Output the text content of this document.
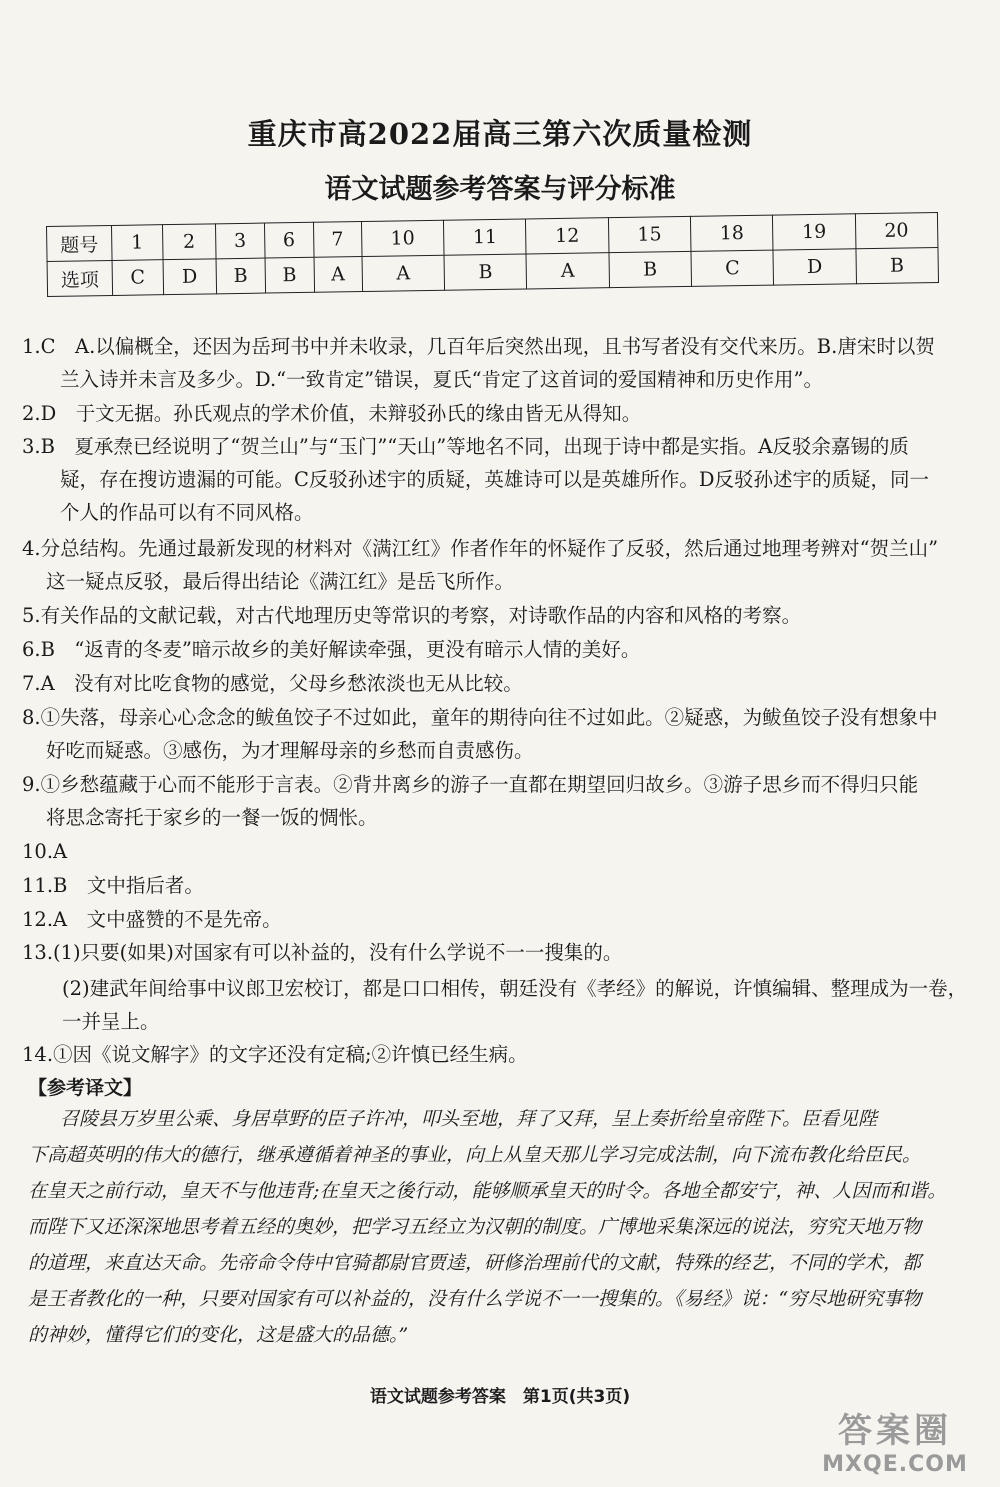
重庆市高2022届高三第六次质量检测
语文试题参考答案与评分标准
题号	1	2	3	6	7	10	11	12	15	18	19	20
选项	C	D	B	B	A	A	B	A	B	C	D	B
1.C　A.以偏概全，还因为岳珂书中并未收录，几百年后突然出现，且书写者没有交代来历。B.唐宋时以贺
兰入诗并未言及多少。D.“一致肯定”错误，夏氏“肯定了这首词的爱国精神和历史作用”。
2.D　于文无据。孙氏观点的学术价值，未辩驳孙氏的缘由皆无从得知。
3.B　夏承焘已经说明了“贺兰山”与“玉门”“天山”等地名不同，出现于诗中都是实指。A反驳余嘉锡的质
疑，存在搜访遗漏的可能。C反驳孙述宇的质疑，英雄诗可以是英雄所作。D反驳孙述宇的质疑，同一
个人的作品可以有不同风格。
4.分总结构。先通过最新发现的材料对《满江红》作者作年的怀疑作了反驳，然后通过地理考辨对“贺兰山”
这一疑点反驳，最后得出结论《满江红》是岳飞所作。
5.有关作品的文献记载，对古代地理历史等常识的考察，对诗歌作品的内容和风格的考察。
6.B　“返青的冬麦”暗示故乡的美好解读牵强，更没有暗示人情的美好。
7.A　没有对比吃食物的感觉，父母乡愁浓淡也无从比较。
8.①失落，母亲心心念念的鲅鱼饺子不过如此，童年的期待向往不过如此。②疑惑，为鲅鱼饺子没有想象中
好吃而疑惑。③感伤，为才理解母亲的乡愁而自责感伤。
9.①乡愁蕴藏于心而不能形于言表。②背井离乡的游子一直都在期望回归故乡。③游子思乡而不得归只能
将思念寄托于家乡的一餐一饭的惆怅。
10.A
11.B　文中指后者。
12.A　文中盛赞的不是先帝。
13.(1)只要(如果)对国家有可以补益的，没有什么学说不一一搜集的。
(2)建武年间给事中议郎卫宏校订，都是口口相传，朝廷没有《孝经》的解说，许慎编辑、整理成为一卷，
一并呈上。
14.①因《说文解字》的文字还没有定稿;②许慎已经生病。
【参考译文】
召陵县万岁里公乘、身居草野的臣子许冲，叩头至地，拜了又拜，呈上奏折给皇帝陛下。臣看见陛
下高超英明的伟大的德行，继承遵循着神圣的事业，向上从皇天那儿学习完成法制，向下流布教化给臣民。
在皇天之前行动，皇天不与他违背;在皇天之後行动，能够顺承皇天的时令。各地全都安宁，神、人因而和谐。
而陛下又还深深地思考着五经的奥妙，把学习五经立为汉朝的制度。广博地采集深远的说法，穷究天地万物
的道理，来直达天命。先帝命令侍中官骑都尉官贾逵，研修治理前代的文献，特殊的经艺，不同的学术，都
是王者教化的一种，只要对国家有可以补益的，没有什么学说不一一搜集的。《易经》说：“穷尽地研究事物
的神妙，懂得它们的变化，这是盛大的品德。”
语文试题参考答案　第1页(共3页)
答案圈
MXQE.COM
